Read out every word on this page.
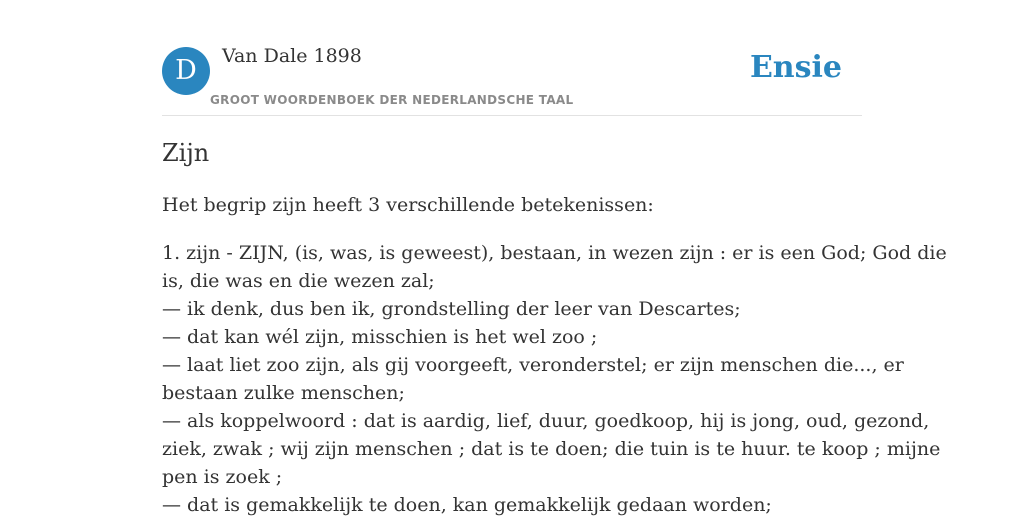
D	Van Dale 1898
GROOT WOORDENBOEK DER NEDERLANDSCHE TAAL
Ensie
Zijn

Het begrip zijn heeft 3 verschillende betekenissen:

1. zijn - ZIJN, (is, was, is geweest), bestaan, in wezen zijn : er is een God; God die
is, die was en die wezen zal;
— ik denk, dus ben ik, grondstelling der leer van Descartes;
— dat kan wél zijn, misschien is het wel zoo ;
— laat liet zoo zijn, als gij voorgeeft, veronderstel; er zijn menschen die..., er
bestaan zulke menschen;
— als koppelwoord : dat is aardig, lief, duur, goedkoop, hij is jong, oud, gezond,
ziek, zwak ; wij zijn menschen ; dat is te doen; die tuin is te huur. te koop ; mijne
pen is zoek ;
— dat is gemakkelijk te doen, kan gemakkelijk gedaan worden;
